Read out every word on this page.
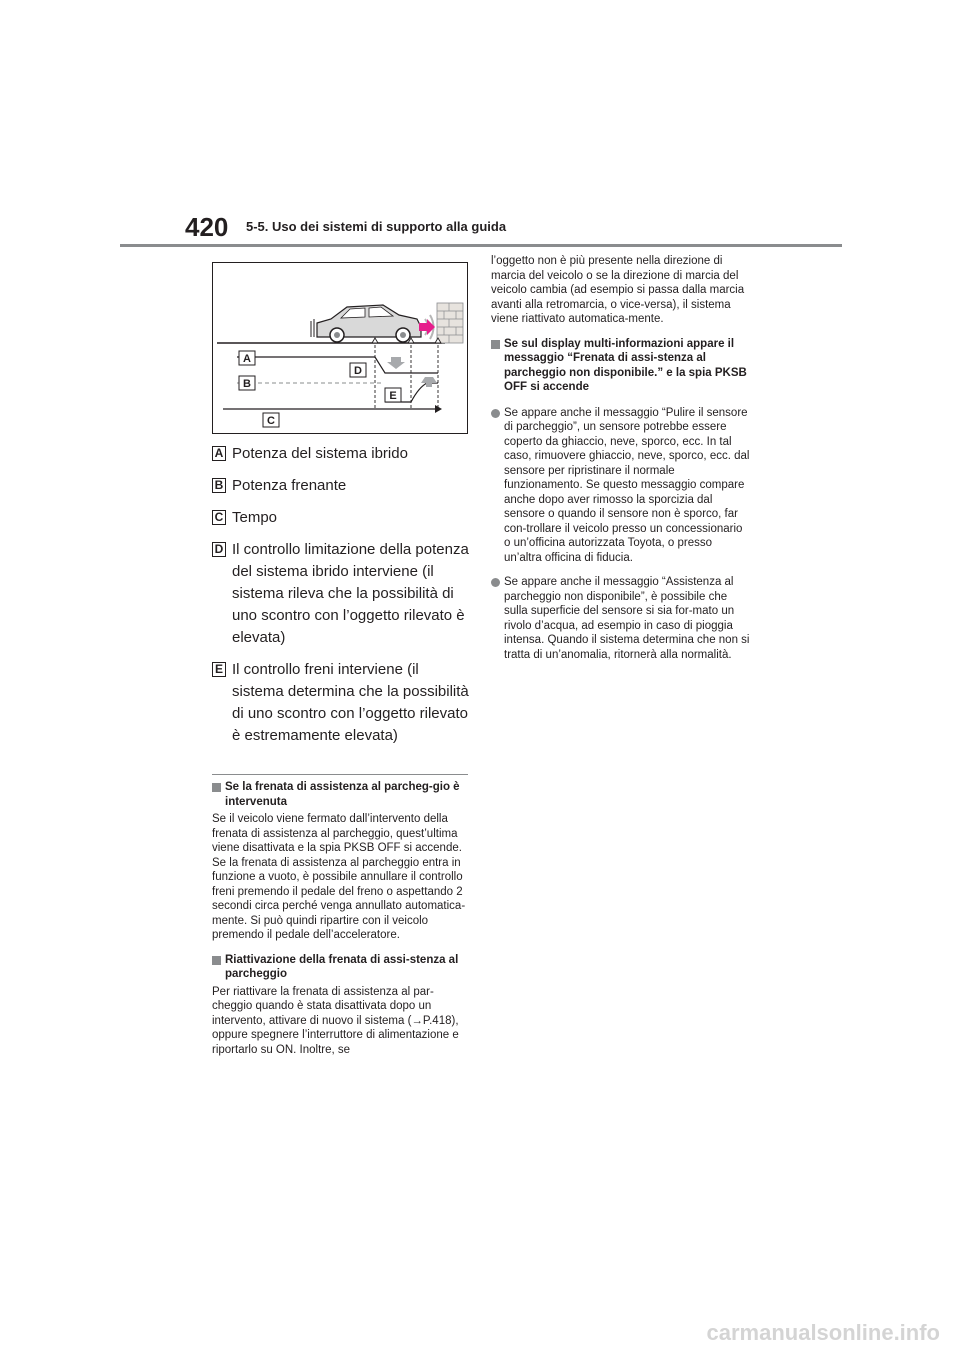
420 5-5. Uso dei sistemi di supporto alla guida
A
B
C
D
E
A Potenza del sistema ibrido
B Potenza frenante
C Tempo
D Il controllo limitazione della potenza del sistema ibrido interviene (il sistema rileva che la possibilità di uno scontro con l’oggetto rilevato è elevata)
E Il controllo freni interviene (il sistema determina che la possibilità di uno scontro con l’oggetto rilevato è estremamente elevata)
Se la frenata di assistenza al parcheg-gio è intervenuta

Se il veicolo viene fermato dall’intervento della frenata di assistenza al parcheggio, quest’ultima viene disattivata e la spia PKSB OFF si accende. Se la frenata di assistenza al parcheggio entra in funzione a vuoto, è possibile annullare il controllo freni premendo il pedale del freno o aspettando 2 secondi circa perché venga annullato automatica-mente. Si può quindi ripartire con il veicolo premendo il pedale dell’acceleratore.

Riattivazione della frenata di assi-stenza al parcheggio

Per riattivare la frenata di assistenza al par-cheggio quando è stata disattivata dopo un intervento, attivare di nuovo il sistema (→P.418), oppure spegnere l’interruttore di alimentazione e riportarlo su ON. Inoltre, se

l’oggetto non è più presente nella direzione di marcia del veicolo o se la direzione di marcia del veicolo cambia (ad esempio si passa dalla marcia avanti alla retromarcia, o vice-versa), il sistema viene riattivato automatica-mente.

Se sul display multi-informazioni appare il messaggio “Frenata di assi-stenza al parcheggio non disponibile.” e la spia PKSB OFF si accende
Se appare anche il messaggio “Pulire il sensore di parcheggio”, un sensore potrebbe essere coperto da ghiaccio, neve, sporco, ecc. In tal caso, rimuovere ghiaccio, neve, sporco, ecc. dal sensore per ripristinare il normale funzionamento. Se questo messaggio compare anche dopo aver rimosso la sporcizia dal sensore o quando il sensore non è sporco, far con-trollare il veicolo presso un concessionario o un’officina autorizzata Toyota, o presso un’altra officina di fiducia.
Se appare anche il messaggio “Assistenza al parcheggio non disponibile”, è possibile che sulla superficie del sensore si sia for-mato un rivolo d’acqua, ad esempio in caso di pioggia intensa. Quando il sistema determina che non si tratta di un’anomalia, ritornerà alla normalità.
carmanualsonline.info
